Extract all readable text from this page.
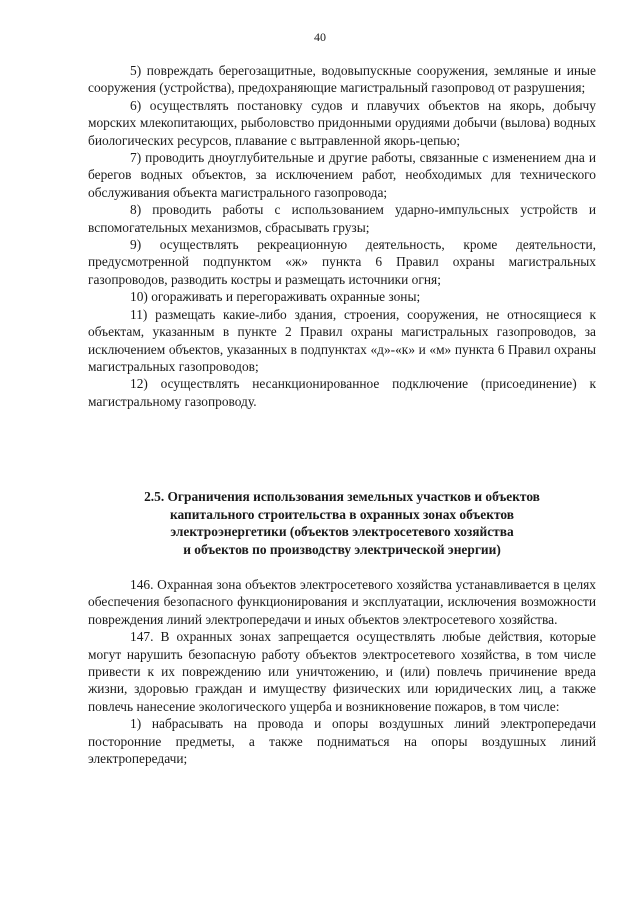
40

5) повреждать берегозащитные, водовыпускные сооружения, земляные и иные сооружения (устройства), предохраняющие магистральный газопровод от разрушения;

6) осуществлять постановку судов и плавучих объектов на якорь, добычу морских млекопитающих, рыболовство придонными орудиями добычи (вылова) водных биологических ресурсов, плавание с вытравленной якорь-цепью;

7) проводить дноуглубительные и другие работы, связанные с изменением дна и берегов водных объектов, за исключением работ, необходимых для технического обслуживания объекта магистрального газопровода;

8) проводить работы с использованием ударно-импульсных устройств и вспомогательных механизмов, сбрасывать грузы;

9) осуществлять рекреационную деятельность, кроме деятельности, предусмотренной подпунктом «ж» пункта 6 Правил охраны магистральных газопроводов, разводить костры и размещать источники огня;

10) огораживать и перегораживать охранные зоны;

11) размещать какие-либо здания, строения, сооружения, не относящиеся к объектам, указанным в пункте 2 Правил охраны магистральных газопроводов, за исключением объектов, указанных в подпунктах «д»-«к» и «м» пункта 6 Правил охраны магистральных газопроводов;

12) осуществлять несанкционированное подключение (присоединение) к магистральному газопроводу.

2.5. Ограничения использования земельных участков и объектов
капитального строительства в охранных зонах объектов
электроэнергетики (объектов электросетевого хозяйства
и объектов по производству электрической энергии)

146. Охранная зона объектов электросетевого хозяйства устанавливается в целях обеспечения безопасного функционирования и эксплуатации, исключения возможности повреждения линий электропередачи и иных объектов электросетевого хозяйства.

147. В охранных зонах запрещается осуществлять любые действия, которые могут нарушить безопасную работу объектов электросетевого хозяйства, в том числе привести к их повреждению или уничтожению, и (или) повлечь причинение вреда жизни, здоровью граждан и имуществу физических или юридических лиц, а также повлечь нанесение экологического ущерба и возникновение пожаров, в том числе:

1) набрасывать на провода и опоры воздушных линий электропередачи посторонние предметы, а также подниматься на опоры воздушных линий электропередачи;
